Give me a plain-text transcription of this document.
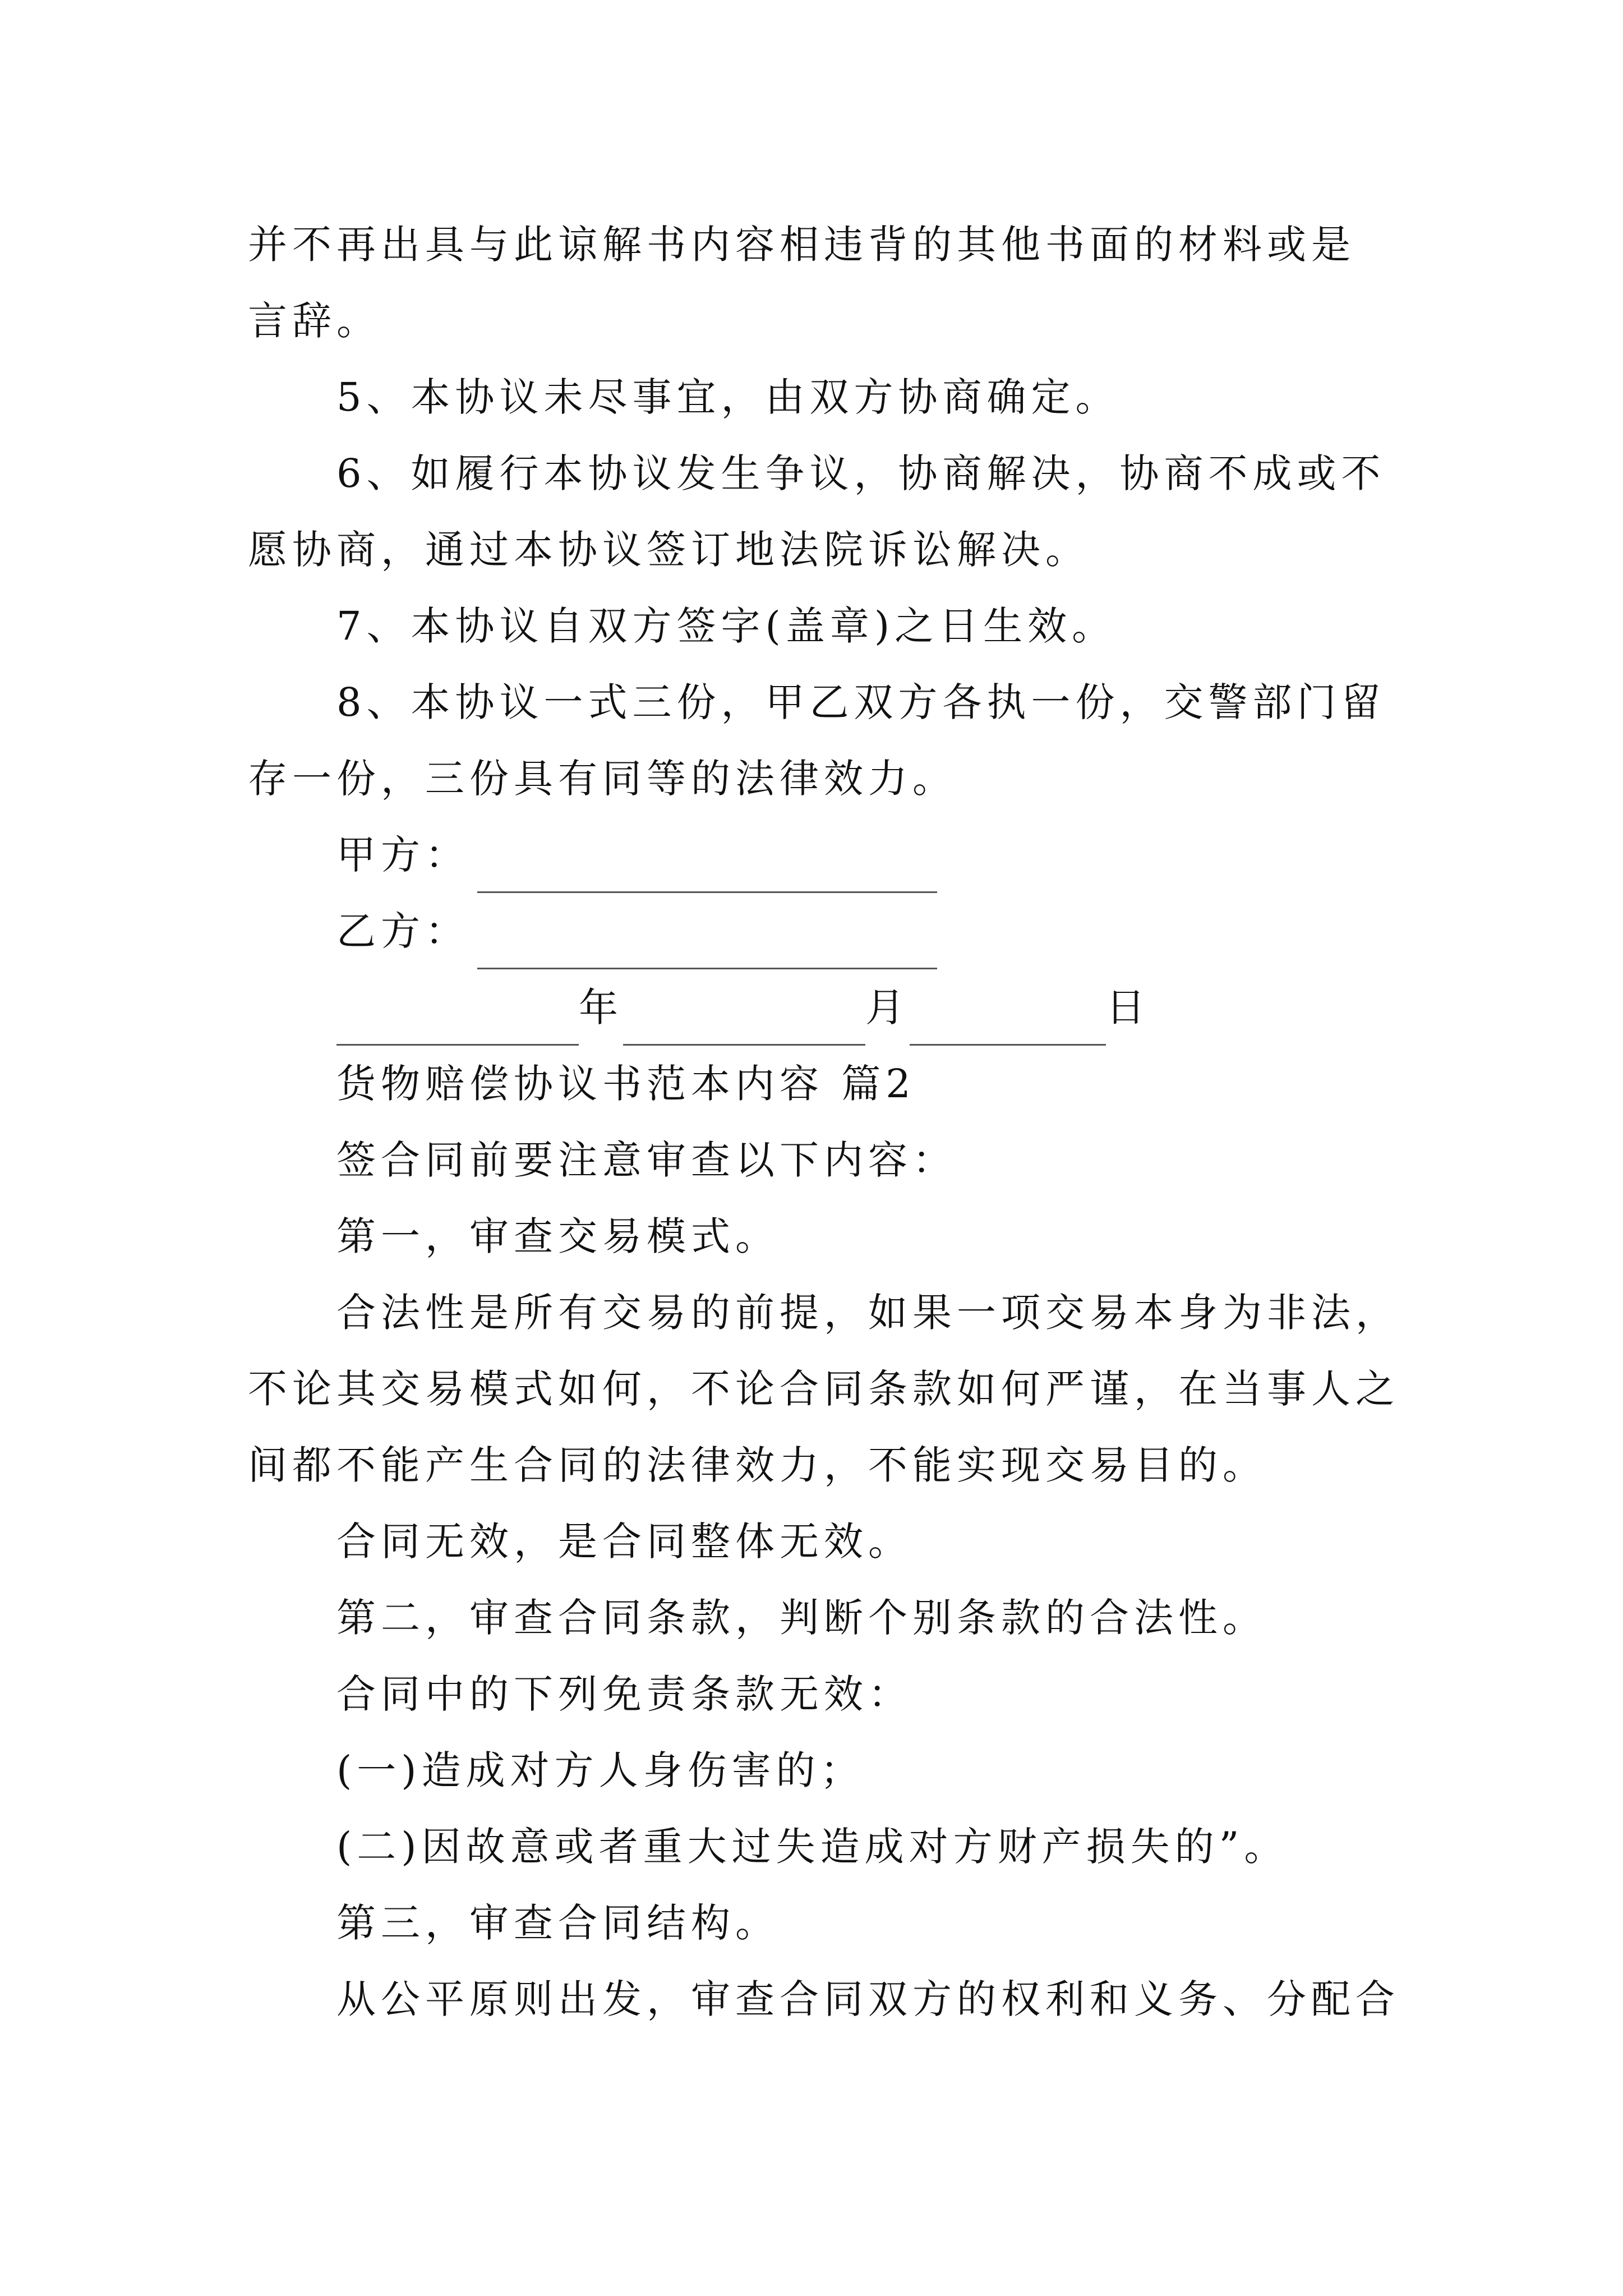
并不再出具与此谅解书内容相违背的其他书面的材料或是

言辞。

5、本协议未尽事宜，由双方协商确定。

6、如履行本协议发生争议，协商解决，协商不成或不

愿协商，通过本协议签订地法院诉讼解决。

7、本协议自双方签字(盖章)之日生效。

8、本协议一式三份，甲乙双方各执一份，交警部门留

存一份，三份具有同等的法律效力。

甲方：
乙方：
年	月	日

货物赔偿协议书范本内容 篇2

签合同前要注意审查以下内容：

第一，审查交易模式。

合法性是所有交易的前提，如果一项交易本身为非法，

不论其交易模式如何，不论合同条款如何严谨，在当事人之

间都不能产生合同的法律效力，不能实现交易目的。

合同无效，是合同整体无效。

第二，审查合同条款，判断个别条款的合法性。

合同中的下列免责条款无效：

(一)造成对方人身伤害的；

(二)因故意或者重大过失造成对方财产损失的”。

第三，审查合同结构。

从公平原则出发，审查合同双方的权利和义务、分配合
